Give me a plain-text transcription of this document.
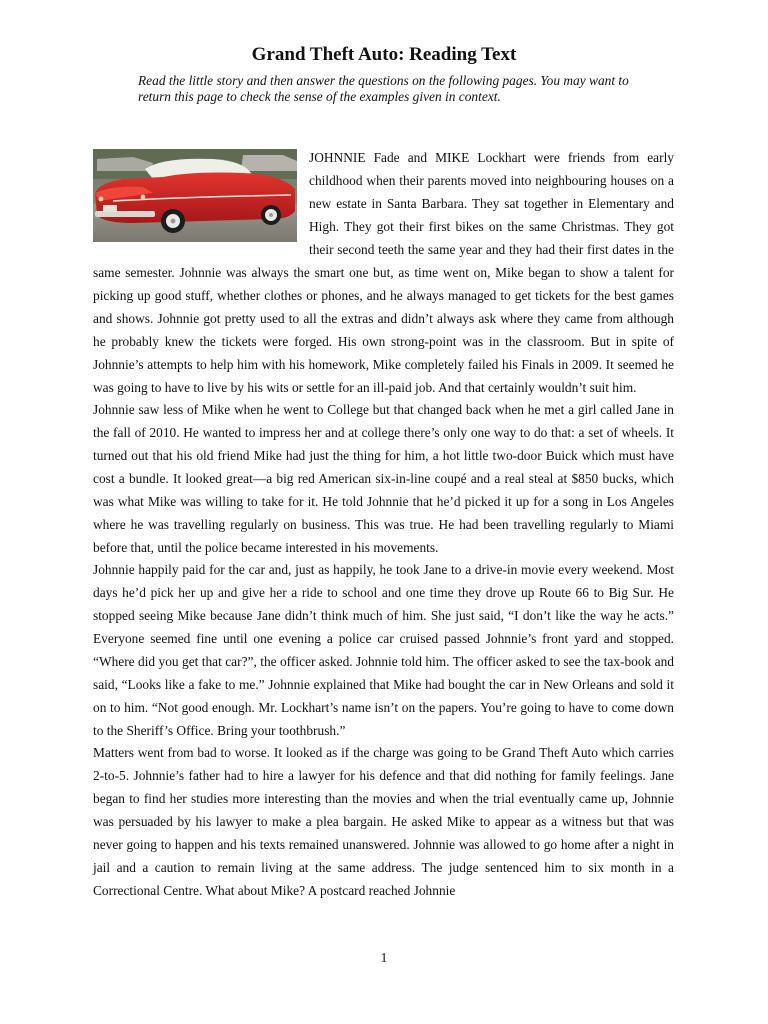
Grand Theft Auto: Reading Text

Read the little story and then answer the questions on the following pages. You may want to return this page to check the sense of the examples given in context.

JOHNNIE Fade and MIKE Lockhart were friends from early childhood when their parents moved into neighbouring houses on a new estate in Santa Barbara. They sat together in Elementary and High. They got their first bikes on the same Christmas. They got their second teeth the same year and they had their first dates in the same semester. Johnnie was always the smart one but, as time went on, Mike began to show a talent for picking up good stuff, whether clothes or phones, and he always managed to get tickets for the best games and shows. Johnnie got pretty used to all the extras and didn’t always ask where they came from although he probably knew the tickets were forged. His own strong-point was in the classroom. But in spite of Johnnie’s attempts to help him with his homework, Mike completely failed his Finals in 2009. It seemed he was going to have to live by his wits or settle for an ill-paid job. And that certainly wouldn’t suit him.

Johnnie saw less of Mike when he went to College but that changed back when he met a girl called Jane in the fall of 2010. He wanted to impress her and at college there’s only one way to do that: a set of wheels. It turned out that his old friend Mike had just the thing for him, a hot little two-door Buick which must have cost a bundle. It looked great—a big red American six-in-line coupé and a real steal at $850 bucks, which was what Mike was willing to take for it. He told Johnnie that he’d picked it up for a song in Los Angeles where he was travelling regularly on business. This was true. He had been travelling regularly to Miami before that, until the police became interested in his movements.

Johnnie happily paid for the car and, just as happily, he took Jane to a drive-in movie every weekend. Most days he’d pick her up and give her a ride to school and one time they drove up Route 66 to Big Sur. He stopped seeing Mike because Jane didn’t think much of him. She just said, “I don’t like the way he acts.” Everyone seemed fine until one evening a police car cruised passed Johnnie’s front yard and stopped. “Where did you get that car?”, the officer asked. Johnnie told him. The officer asked to see the tax-book and said, “Looks like a fake to me.” Johnnie explained that Mike had bought the car in New Orleans and sold it on to him. “Not good enough. Mr. Lockhart’s name isn’t on the papers. You’re going to have to come down to the Sheriff’s Office. Bring your toothbrush.”

Matters went from bad to worse. It looked as if the charge was going to be Grand Theft Auto which carries 2-to-5. Johnnie’s father had to hire a lawyer for his defence and that did nothing for family feelings. Jane began to find her studies more interesting than the movies and when the trial eventually came up, Johnnie was persuaded by his lawyer to make a plea bargain. He asked Mike to appear as a witness but that was never going to happen and his texts remained unanswered. Johnnie was allowed to go home after a night in jail and a caution to remain living at the same address. The judge sentenced him to six month in a Correctional Centre. What about Mike? A postcard reached Johnnie

1
